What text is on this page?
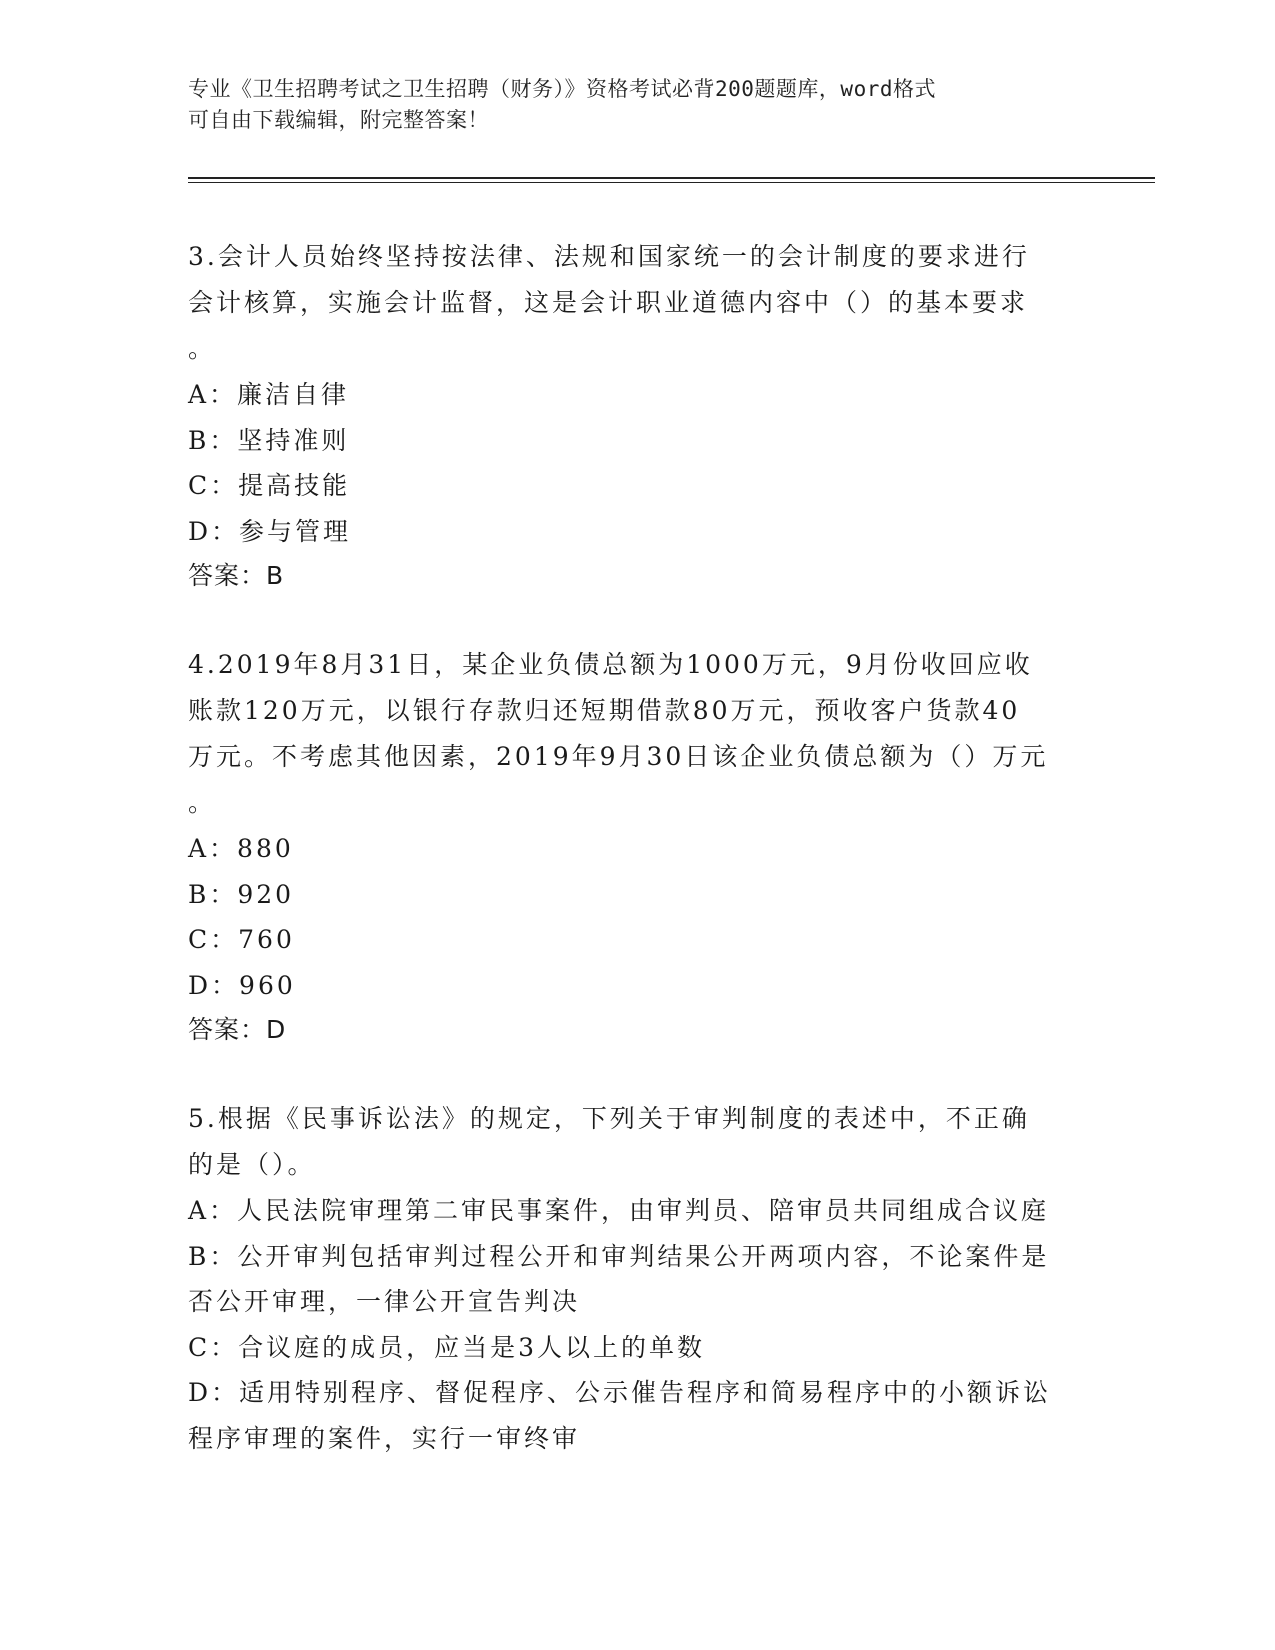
专业《卫生招聘考试之卫生招聘（财务）》资格考试必背200题题库，word格式

可自由下载编辑，附完整答案！

3.会计人员始终坚持按法律、法规和国家统一的会计制度的要求进行

会计核算，实施会计监督，这是会计职业道德内容中（）的基本要求

。

A：廉洁自律

B：坚持准则

C：提高技能

D：参与管理

答案：B

4.2019年8月31日，某企业负债总额为1000万元，9月份收回应收

账款120万元，以银行存款归还短期借款80万元，预收客户货款40

万元。不考虑其他因素，2019年9月30日该企业负债总额为（）万元

。

A：880

B：920

C：760

D：960

答案：D

5.根据《民事诉讼法》的规定，下列关于审判制度的表述中，不正确

的是（）。

A：人民法院审理第二审民事案件，由审判员、陪审员共同组成合议庭

B：公开审判包括审判过程公开和审判结果公开两项内容，不论案件是

否公开审理，一律公开宣告判决

C：合议庭的成员，应当是3人以上的单数

D：适用特别程序、督促程序、公示催告程序和简易程序中的小额诉讼

程序审理的案件，实行一审终审
